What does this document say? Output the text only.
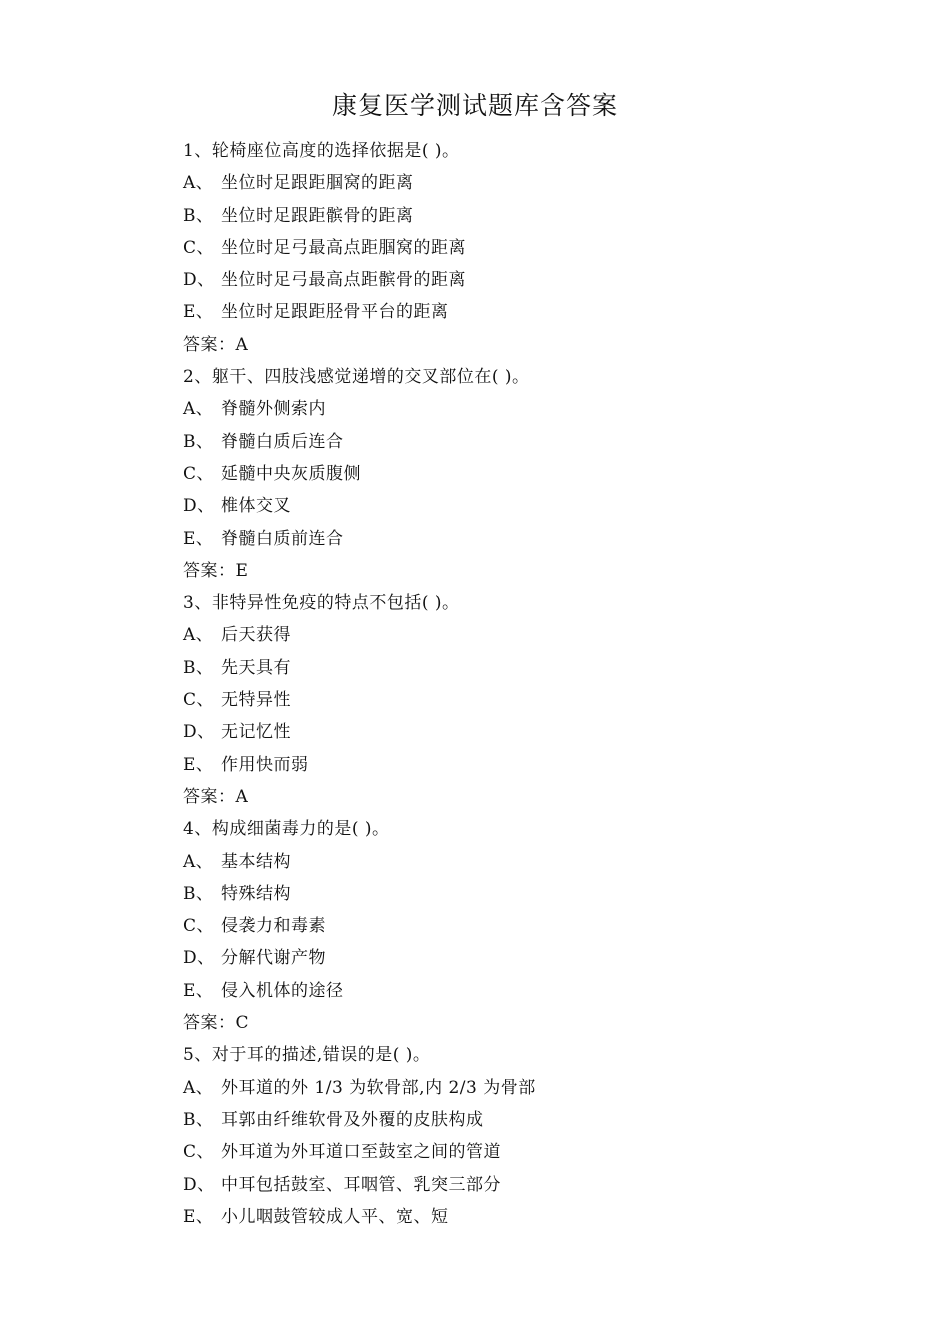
康复医学测试题库含答案
1、轮椅座位高度的选择依据是( )。
A、 坐位时足跟距腘窝的距离
B、 坐位时足跟距髌骨的距离
C、 坐位时足弓最高点距腘窝的距离
D、 坐位时足弓最高点距髌骨的距离
E、 坐位时足跟距胫骨平台的距离
答案：A
2、躯干、四肢浅感觉递增的交叉部位在( )。
A、 脊髓外侧索内
B、 脊髓白质后连合
C、 延髓中央灰质腹侧
D、 椎体交叉
E、 脊髓白质前连合
答案：E
3、非特异性免疫的特点不包括( )。
A、 后天获得
B、 先天具有
C、 无特异性
D、 无记忆性
E、 作用快而弱
答案：A
4、构成细菌毒力的是( )。
A、 基本结构
B、 特殊结构
C、 侵袭力和毒素
D、 分解代谢产物
E、 侵入机体的途径
答案：C
5、对于耳的描述,错误的是( )。
A、 外耳道的外 1/3 为软骨部,内 2/3 为骨部
B、 耳郭由纤维软骨及外覆的皮肤构成
C、 外耳道为外耳道口至鼓室之间的管道
D、 中耳包括鼓室、耳咽管、乳突三部分
E、 小儿咽鼓管较成人平、宽、短
